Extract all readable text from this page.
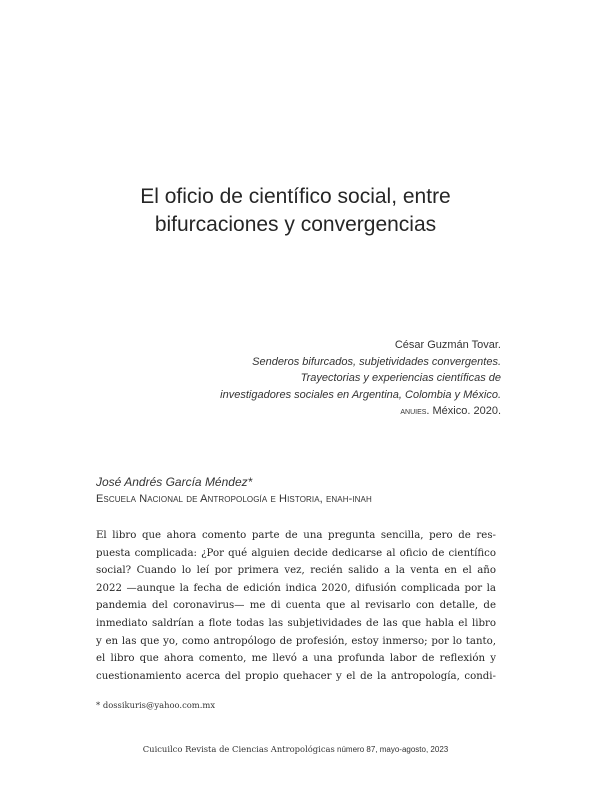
El oficio de científico social, entre
bifurcaciones y convergencias
César Guzmán Tovar.
Senderos bifurcados, subjetividades convergentes.
Trayectorias y experiencias científicas de
investigadores sociales en Argentina, Colombia y México.
anuies. México. 2020.
José Andrés García Méndez*
Escuela Nacional de Antropología e Historia, enah-inah
El libro que ahora comento parte de una pregunta sencilla, pero de res-
puesta complicada: ¿Por qué alguien decide dedicarse al oficio de científico
social? Cuando lo leí por primera vez, recién salido a la venta en el año
2022 —aunque la fecha de edición indica 2020, difusión complicada por la
pandemia del coronavirus— me di cuenta que al revisarlo con detalle, de
inmediato saldrían a flote todas las subjetividades de las que habla el libro
y en las que yo, como antropólogo de profesión, estoy inmerso; por lo tanto,
el libro que ahora comento, me llevó a una profunda labor de reflexión y
cuestionamiento acerca del propio quehacer y el de la antropología, condi-
* dossikuris@yahoo.com.mx
Cuicuilco Revista de Ciencias Antropológicas número 87, mayo-agosto, 2023
